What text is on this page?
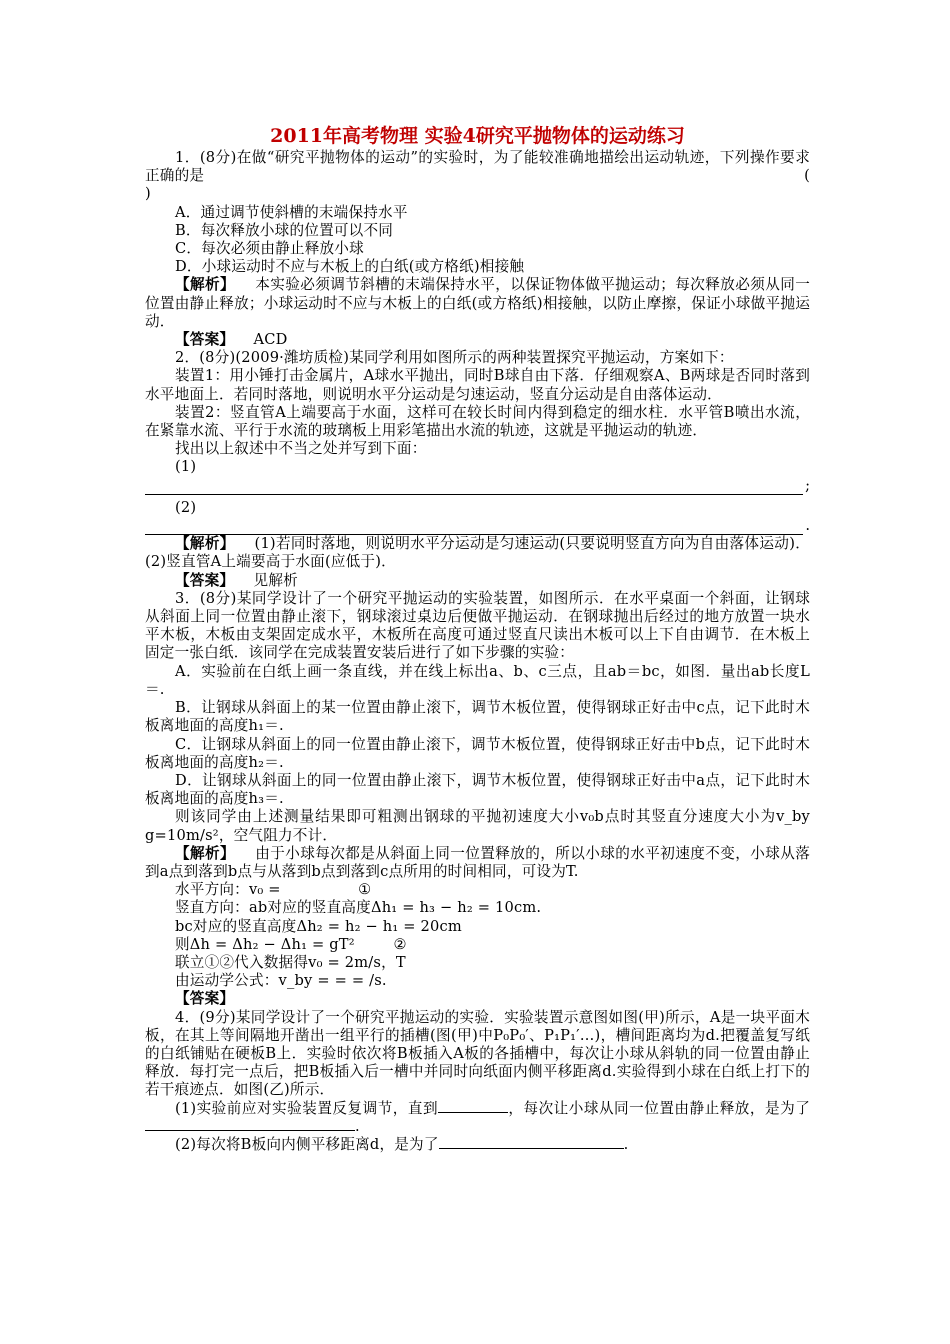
2011年高考物理 实验4研究平抛物体的运动练习

1．(8分)在做“研究平抛物体的运动”的实验时，为了能较准确地描绘出运动轨迹，下列操作要求正确的是	(

)

A．通过调节使斜槽的末端保持水平

B．每次释放小球的位置可以不同

C．每次必须由静止释放小球

D．小球运动时不应与木板上的白纸(或方格纸)相接触

【解析】 本实验必须调节斜槽的末端保持水平，以保证物体做平抛运动；每次释放必须从同一位置由静止释放；小球运动时不应与木板上的白纸(或方格纸)相接触，以防止摩擦，保证小球做平抛运动．

【答案】 ACD

2．(8分)(2009·潍坊质检)某同学利用如图所示的两种装置探究平抛运动，方案如下：

装置1：用小锤打击金属片，A球水平抛出，同时B球自由下落．仔细观察A、B两球是否同时落到水平地面上．若同时落地，则说明水平分运动是匀速运动，竖直分运动是自由落体运动．

装置2：竖直管A上端要高于水面，这样可在较长时间内得到稳定的细水柱．水平管B喷出水流，在紧靠水流、平行于水流的玻璃板上用彩笔描出水流的轨迹，这就是平抛运动的轨迹．

找出以上叙述中不当之处并写到下面：

(1)

;

(2)

.

【解析】 (1)若同时落地，则说明水平分运动是匀速运动(只要说明竖直方向为自由落体运动)．(2)竖直管A上端要高于水面(应低于)．

【答案】 见解析

3．(8分)某同学设计了一个研究平抛运动的实验装置，如图所示．在水平桌面一个斜面，让钢球从斜面上同一位置由静止滚下，钢球滚过桌边后便做平抛运动．在钢球抛出后经过的地方放置一块水平木板，木板由支架固定成水平，木板所在高度可通过竖直尺读出木板可以上下自由调节．在木板上固定一张白纸．该同学在完成装置安装后进行了如下步骤的实验：

A．实验前在白纸上画一条直线，并在线上标出a、b、c三点，且ab＝bc，如图．量出ab长度L＝.

B．让钢球从斜面上的某一位置由静止滚下，调节木板位置，使得钢球正好击中c点，记下此时木板离地面的高度h₁＝.

C．让钢球从斜面上的同一位置由静止滚下，调节木板位置，使得钢球正好击中b点，记下此时木板离地面的高度h₂＝.

D．让钢球从斜面上的同一位置由静止滚下，调节木板位置，使得钢球正好击中a点，记下此时木板离地面的高度h₃＝.

则该同学由上述测量结果即可粗测出钢球的平抛初速度大小v₀b点时其竖直分速度大小为v_by g=10m/s²，空气阻力不计．

【解析】 由于小球每次都是从斜面上同一位置释放的，所以小球的水平初速度不变，小球从落到a点到落到b点与从落到b点到落到c点所用的时间相同，可设为T.

水平方向：v₀ =                ①

竖直方向：ab对应的竖直高度Δh₁ = h₃ − h₂ = 10cm.

bc对应的竖直高度Δh₂ = h₂ − h₁ = 20cm

则Δh = Δh₂ − Δh₁ = gT²        ②

联立①②代入数据得v₀ = 2m/s，T

由运动学公式：v_by = = = /s.

【答案】

4．(9分)某同学设计了一个研究平抛运动的实验．实验装置示意图如图(甲)所示，A是一块平面木板，在其上等间隔地开凿出一组平行的插槽(图(甲)中P₀P₀′、P₁P₁′…)，槽间距离均为d.把覆盖复写纸的白纸铺贴在硬板B上．实验时依次将B板插入A板的各插槽中，每次让小球从斜轨的同一位置由静止释放．每打完一点后，把B板插入后一槽中并同时向纸面内侧平移距离d.实验得到小球在白纸上打下的若干痕迹点．如图(乙)所示．

(1)实验前应对实验装置反复调节，直到	，每次让小球从同一位置由静止释放，是为了.

(2)每次将B板向内侧平移距离d，是为了	.
